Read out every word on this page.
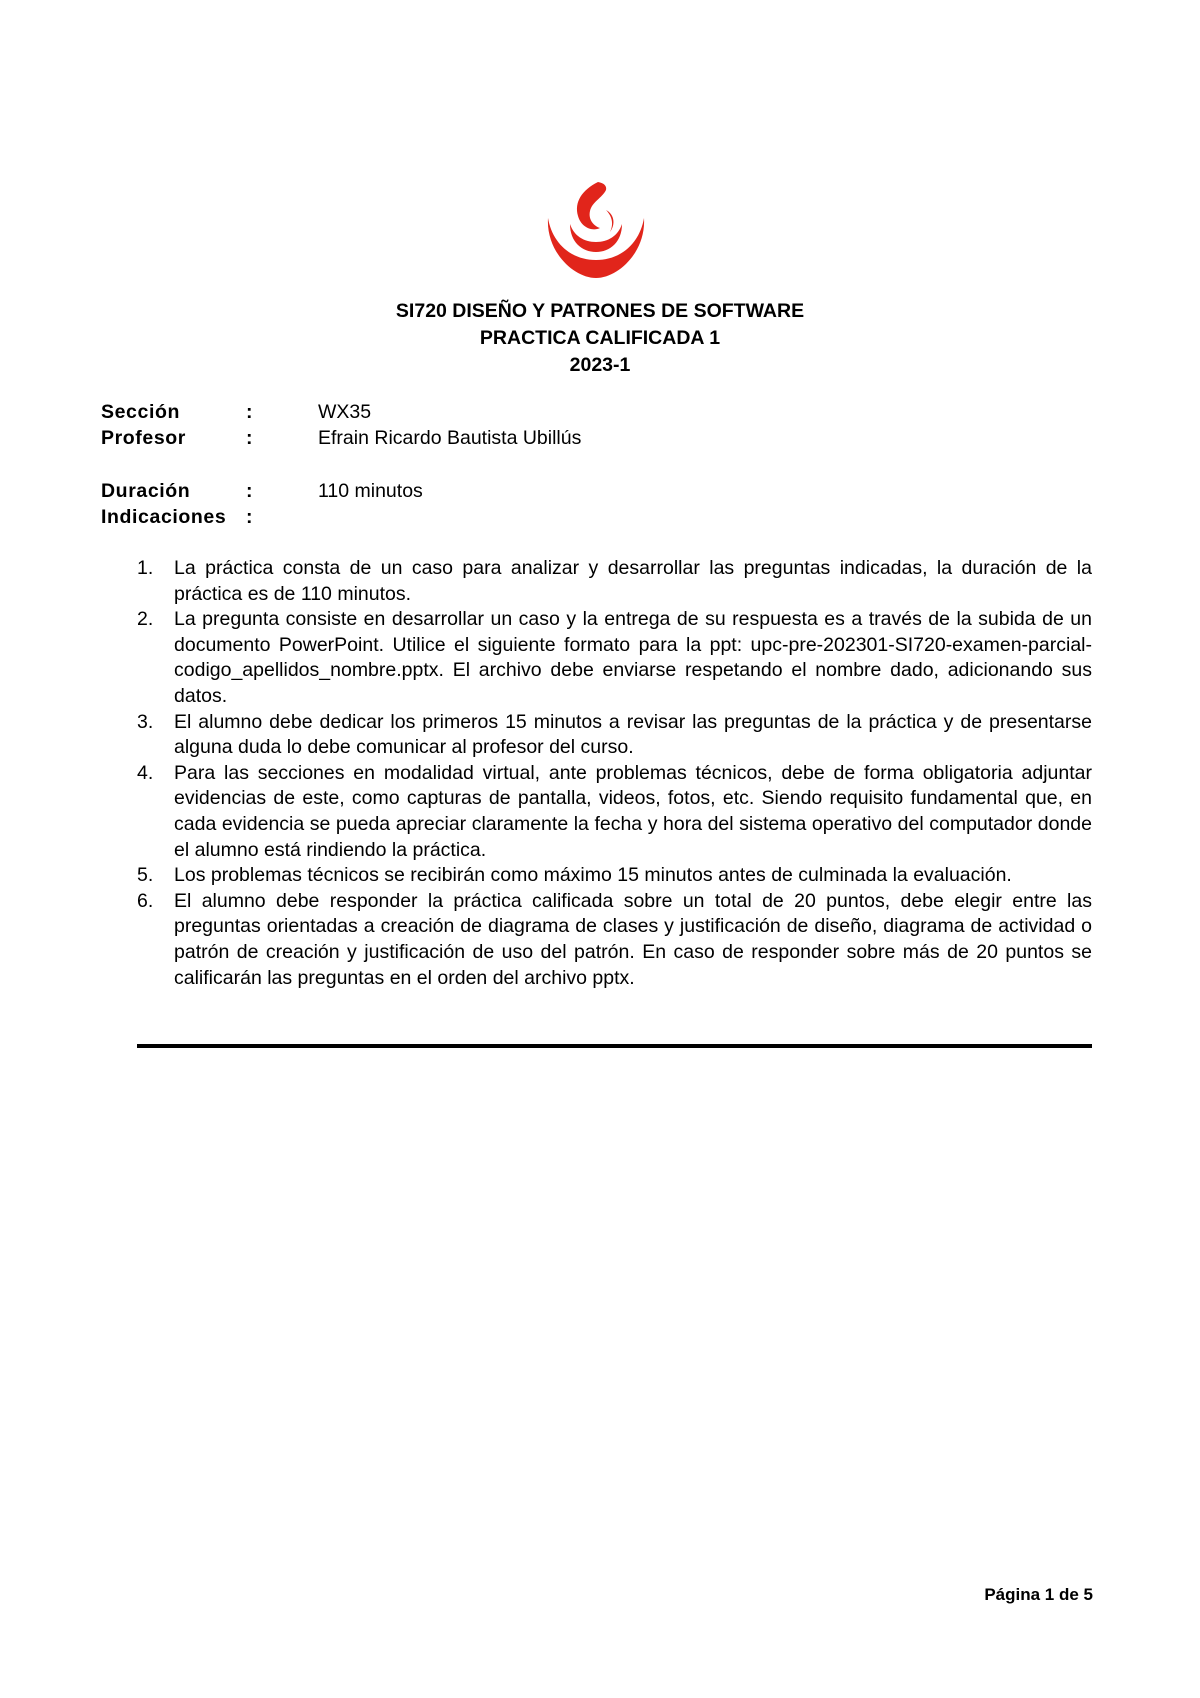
SI720 DISEÑO Y PATRONES DE SOFTWARE
PRACTICA CALIFICADA 1
2023-1
Sección	:	WX35
Profesor	:	Efrain Ricardo Bautista Ubillús
Duración	:	110 minutos
Indicaciones :
1. La práctica consta de un caso para analizar y desarrollar las preguntas indicadas, la duración de la práctica es de 110 minutos.
2. La pregunta consiste en desarrollar un caso y la entrega de su respuesta es a través de la subida de un documento PowerPoint. Utilice el siguiente formato para la ppt: upc-pre-202301-SI720-examen-parcial-codigo_apellidos_nombre.pptx. El archivo debe enviarse respetando el nombre dado, adicionando sus datos.
3. El alumno debe dedicar los primeros 15 minutos a revisar las preguntas de la práctica y de presentarse alguna duda lo debe comunicar al profesor del curso.
4. Para las secciones en modalidad virtual, ante problemas técnicos, debe de forma obligatoria adjuntar evidencias de este, como capturas de pantalla, videos, fotos, etc. Siendo requisito fundamental que, en cada evidencia se pueda apreciar claramente la fecha y hora del sistema operativo del computador donde el alumno está rindiendo la práctica.
5. Los problemas técnicos se recibirán como máximo 15 minutos antes de culminada la evaluación.
6. El alumno debe responder la práctica calificada sobre un total de 20 puntos, debe elegir entre las preguntas orientadas a creación de diagrama de clases y justificación de diseño, diagrama de actividad o patrón de creación y justificación de uso del patrón. En caso de responder sobre más de 20 puntos se calificarán las preguntas en el orden del archivo pptx.
Página 1 de 5
